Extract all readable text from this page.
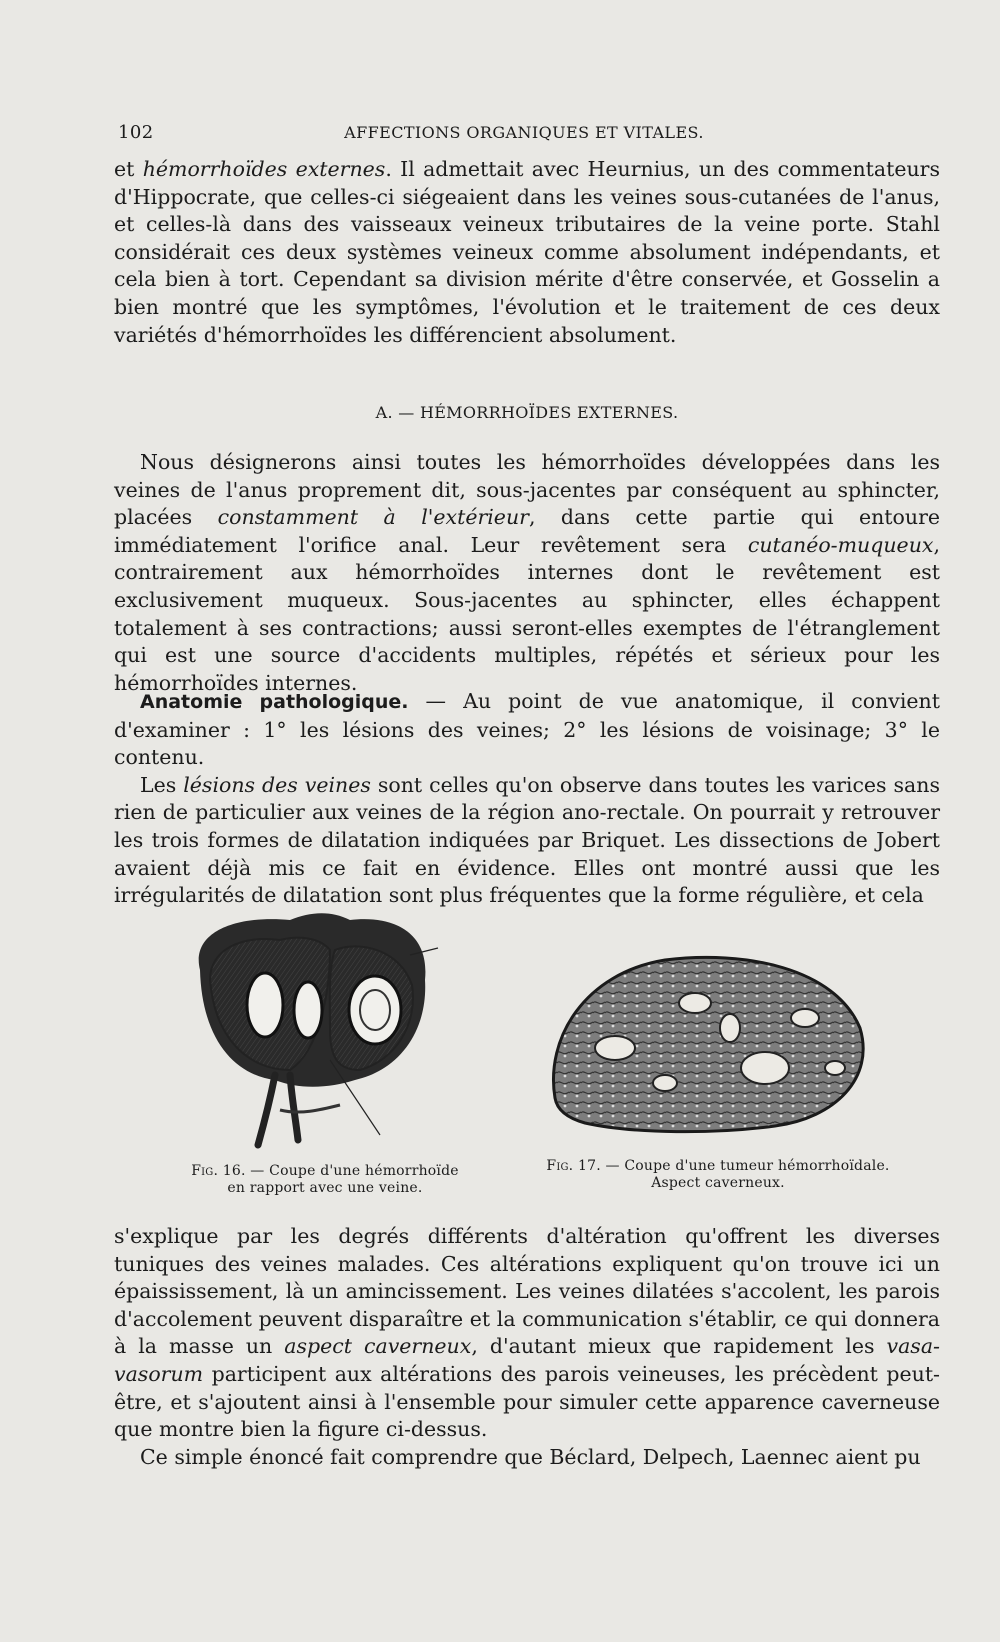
102	AFFECTIONS ORGANIQUES ET VITALES.

et hémorrhoïdes externes. Il admettait avec Heurnius, un des commentateurs d'Hippocrate, que celles-ci siégeaient dans les veines sous-cutanées de l'anus, et celles-là dans des vaisseaux veineux tributaires de la veine porte. Stahl considérait ces deux systèmes veineux comme absolument indépendants, et cela bien à tort. Cependant sa division mérite d'être conservée, et Gosselin a bien montré que les symptômes, l'évolution et le traitement de ces deux variétés d'hémorrhoïdes les différencient absolument.

A. — HÉMORRHOÏDES EXTERNES.

Nous désignerons ainsi toutes les hémorrhoïdes développées dans les veines de l'anus proprement dit, sous-jacentes par conséquent au sphincter, placées constamment à l'extérieur, dans cette partie qui entoure immédiatement l'orifice anal. Leur revêtement sera cutanéo-muqueux, contrairement aux hémorrhoïdes internes dont le revêtement est exclusivement muqueux. Sous-jacentes au sphincter, elles échappent totalement à ses contractions; aussi seront-elles exemptes de l'étranglement qui est une source d'accidents multiples, répétés et sérieux pour les hémorrhoïdes internes.

Anatomie pathologique. — Au point de vue anatomique, il convient d'examiner : 1° les lésions des veines; 2° les lésions de voisinage; 3° le contenu.

Les lésions des veines sont celles qu'on observe dans toutes les varices sans rien de particulier aux veines de la région ano-rectale. On pourrait y retrouver les trois formes de dilatation indiquées par Briquet. Les dissections de Jobert avaient déjà mis ce fait en évidence. Elles ont montré aussi que les irrégularités de dilatation sont plus fréquentes que la forme régulière, et cela

Fig. 16. — Coupe d'une hémorrhoïde
en rapport avec une veine.
Fig. 17. — Coupe d'une tumeur hémorrhoïdale.
Aspect caverneux.

s'explique par les degrés différents d'altération qu'offrent les diverses tuniques des veines malades. Ces altérations expliquent qu'on trouve ici un épaississement, là un amincissement. Les veines dilatées s'accolent, les parois d'accolement peuvent disparaître et la communication s'établir, ce qui donnera à la masse un aspect caverneux, d'autant mieux que rapidement les vasa-vasorum participent aux altérations des parois veineuses, les précèdent peut-être, et s'ajoutent ainsi à l'ensemble pour simuler cette apparence caverneuse que montre bien la figure ci-dessus.

Ce simple énoncé fait comprendre que Béclard, Delpech, Laennec aient pu
